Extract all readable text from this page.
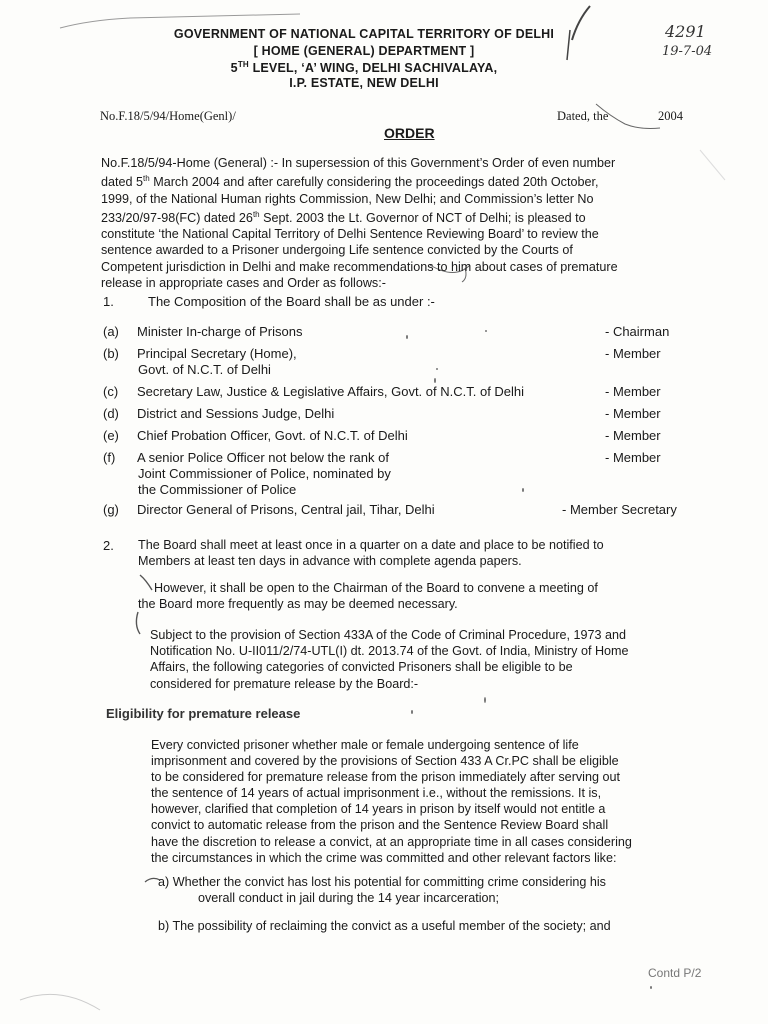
GOVERNMENT OF NATIONAL CAPITAL TERRITORY OF DELHI
[ HOME (GENERAL) DEPARTMENT ]
5TH LEVEL, ‘A’ WING, DELHI SACHIVALAYA,
I.P. ESTATE, NEW DELHI
4291
19-7-04
No.F.18/5/94/Home(Genl)/	Dated, the	2004
ORDER
No.F.18/5/94-Home (General) :- In supersession of this Government’s Order of even number
dated 5th March 2004 and after carefully considering the proceedings dated 20th October,
1999, of the National Human rights Commission, New Delhi; and Commission’s letter No
233/20/97-98(FC) dated 26th Sept. 2003 the Lt. Governor of NCT of Delhi; is pleased to
constitute ‘the National Capital Territory of Delhi Sentence Reviewing Board’ to review the
sentence awarded to a Prisoner undergoing Life sentence convicted by the Courts of
Competent jurisdiction in Delhi and make recommendations to him about cases of premature
release in appropriate cases and Order as follows:-
1.	The Composition of the Board shall be as under :-
(a) Minister In-charge of Prisons	- Chairman
(b) Principal Secretary (Home),
Govt. of N.C.T. of Delhi
- Member
(c) Secretary Law, Justice & Legislative Affairs, Govt. of N.C.T. of Delhi	- Member
(d) District and Sessions Judge, Delhi	- Member
(e) Chief Probation Officer, Govt. of N.C.T. of Delhi	- Member
(f) A senior Police Officer not below the rank of
Joint Commissioner of Police, nominated by
the Commissioner of Police
- Member
(g) Director General of Prisons, Central jail, Tihar, Delhi	- Member Secretary
2. The Board shall meet at least once in a quarter on a date and place to be notified to
Members at least ten days in advance with complete agenda papers.
However, it shall be open to the Chairman of the Board to convene a meeting of
the Board more frequently as may be deemed necessary.
Subject to the provision of Section 433A of the Code of Criminal Procedure, 1973 and
Notification No. U-II011/2/74-UTL(I) dt. 2013.74 of the Govt. of India, Ministry of Home
Affairs, the following categories of convicted Prisoners shall be eligible to be
considered for premature release by the Board:-
Eligibility for premature release
Every convicted prisoner whether male or female undergoing sentence of life
imprisonment and covered by the provisions of Section 433 A Cr.PC shall be eligible
to be considered for premature release from the prison immediately after serving out
the sentence of 14 years of actual imprisonment i.e., without the remissions. It is,
however, clarified that completion of 14 years in prison by itself would not entitle a
convict to automatic release from the prison and the Sentence Review Board shall
have the discretion to release a convict, at an appropriate time in all cases considering
the circumstances in which the crime was committed and other relevant factors like:
a) Whether the convict has lost his potential for committing crime considering his
overall conduct in jail during the 14 year incarceration;
b) The possibility of reclaiming the convict as a useful member of the society; and
Contd P/2
